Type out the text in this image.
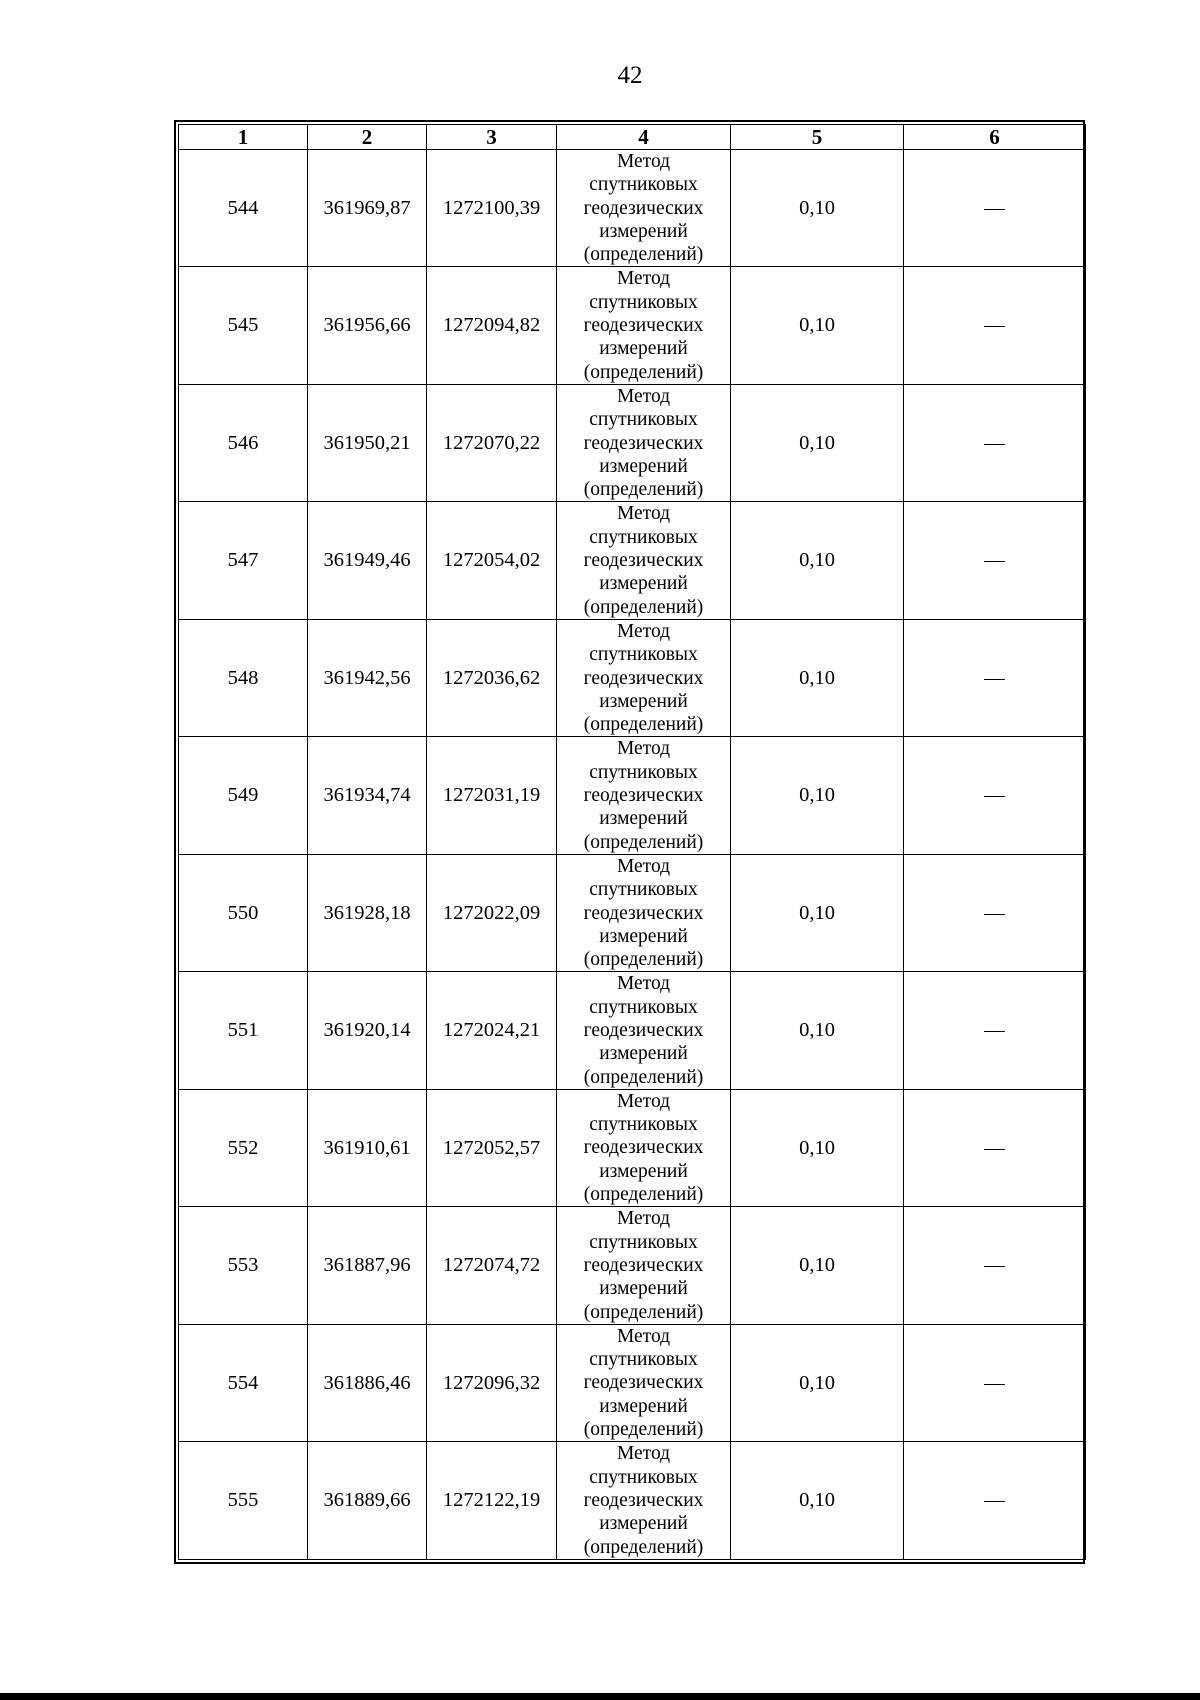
42
1	2	3	4	5	6
544	361969,87	1272100,39	Метод
спутниковых
геодезических
измерений
(определений)	0,10	—
545	361956,66	1272094,82	Метод
спутниковых
геодезических
измерений
(определений)	0,10	—
546	361950,21	1272070,22	Метод
спутниковых
геодезических
измерений
(определений)	0,10	—
547	361949,46	1272054,02	Метод
спутниковых
геодезических
измерений
(определений)	0,10	—
548	361942,56	1272036,62	Метод
спутниковых
геодезических
измерений
(определений)	0,10	—
549	361934,74	1272031,19	Метод
спутниковых
геодезических
измерений
(определений)	0,10	—
550	361928,18	1272022,09	Метод
спутниковых
геодезических
измерений
(определений)	0,10	—
551	361920,14	1272024,21	Метод
спутниковых
геодезических
измерений
(определений)	0,10	—
552	361910,61	1272052,57	Метод
спутниковых
геодезических
измерений
(определений)	0,10	—
553	361887,96	1272074,72	Метод
спутниковых
геодезических
измерений
(определений)	0,10	—
554	361886,46	1272096,32	Метод
спутниковых
геодезических
измерений
(определений)	0,10	—
555	361889,66	1272122,19	Метод
спутниковых
геодезических
измерений
(определений)	0,10	—
